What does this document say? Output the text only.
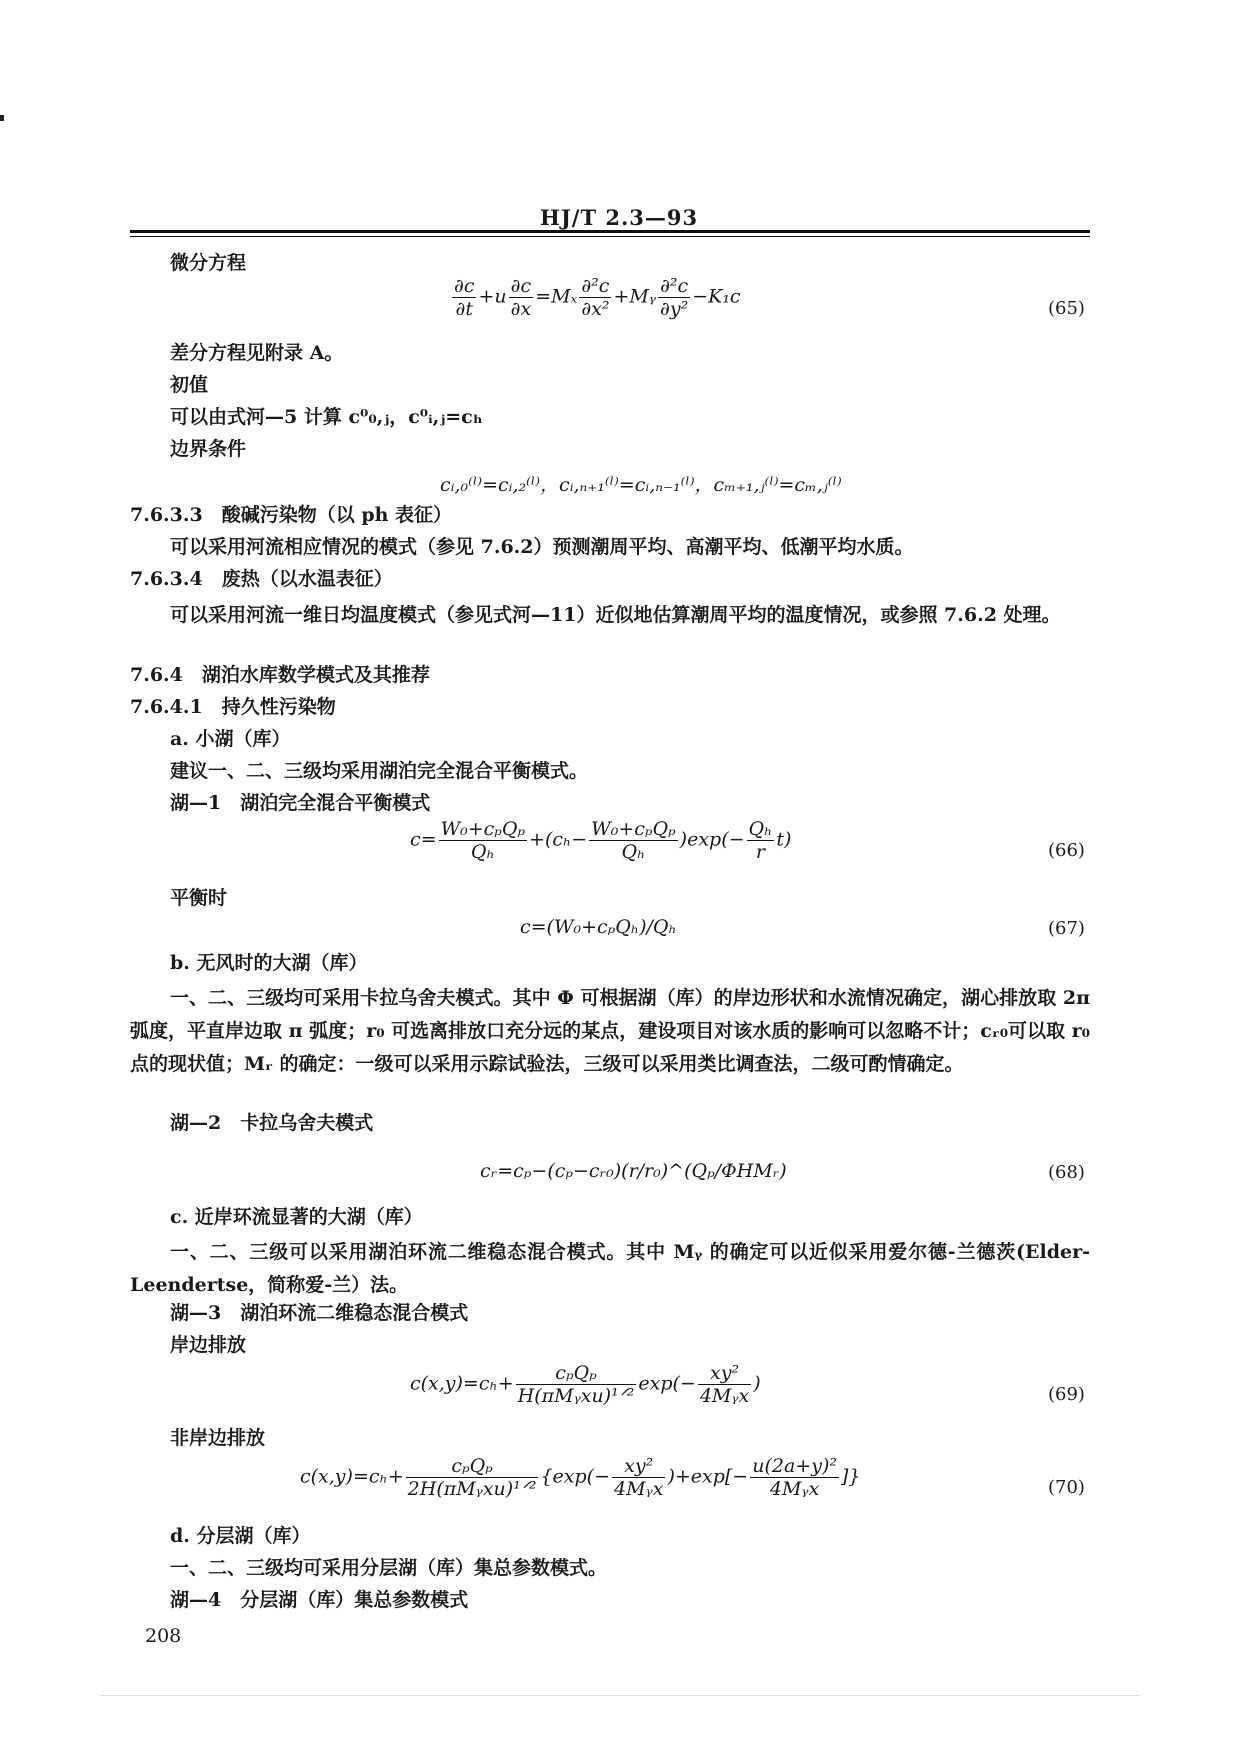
HJ/T 2.3—93
微分方程
$\frac{\partial c}{\partial t} +u \frac{\partial c}{\partial x} =M_x \frac{\text{∂²c}}{\text{∂x²}}$ +Mᵧ $\frac{\text{∂²c}}{\text{∂y²}} -K_1c$
(65)
差分方程见附录 A。
初值
可以由式河—5 计算 c⁰₀,ⱼ，c⁰ᵢ,ⱼ=cₕ
边界条件
cᵢ,₀⁽ˡ⁾=cᵢ,₂⁽ˡ⁾，cᵢ,ₙ₊₁⁽ˡ⁾=cᵢ,ₙ₋₁⁽ˡ⁾，cₘ₊₁,ⱼ⁽ˡ⁾=cₘ,ⱼ⁽ˡ⁾
7.6.3.3　酸碱污染物（以 ph 表征）
可以采用河流相应情况的模式（参见 7.6.2）预测潮周平均、高潮平均、低潮平均水质。
7.6.3.4　废热（以水温表征）
可以采用河流一维日均温度模式（参见式河—11）近似地估算潮周平均的温度情况，或参照 7.6.2 处理。
7.6.4　湖泊水库数学模式及其推荐
7.6.4.1　持久性污染物
a. 小湖（库）
建议一、二、三级均采用湖泊完全混合平衡模式。
湖—1　湖泊完全混合平衡模式
$c= \frac{\text{W₀+cₚQₚ}}{\text{Qₕ}} +(c_h- \frac{\text{W₀+cₚQₚ}}{\text{Qₕ}} )\exp(- \frac{\text{Qₕ}}{r} t)$	(66)
平衡时
c=(W₀+cₚQₕ)/Qₕ	(67)
b. 无风时的大湖（库）
一、二、三级均可采用卡拉乌舍夫模式。其中 Φ 可根据湖（库）的岸边形状和水流情况确定，湖心排放取 2π 弧度，平直岸边取 π 弧度；r₀ 可选离排放口充分远的某点，建设项目对该水质的影响可以忽略不计；cᵣ₀可以取 r₀ 点的现状值；Mᵣ 的确定：一级可以采用示踪试验法，三级可以采用类比调查法，二级可酌情确定。
湖—2　卡拉乌舍夫模式
cᵣ=cₚ−(cₚ−cᵣ₀)(r/r₀)^(Qₚ/ΦHMᵣ)	(68)
c. 近岸环流显著的大湖（库）
一、二、三级可以采用湖泊环流二维稳态混合模式。其中 Mᵧ 的确定可以近似采用爱尔德-兰德茨(Elder-Leendertse，简称爱-兰）法。
湖—3　湖泊环流二维稳态混合模式
岸边排放
$c(x,y)=c_h+ \frac{\text{cₚQₚ}}{\text{H(πMᵧxu)¹ᐟ²}} \exp(- \frac{\text{xy²}}{\text{4Mᵧx}}$ )	(69)
非岸边排放
$c(x,y)=c_h+ \frac{\text{cₚQₚ}}{\text{2H(πMᵧxu)¹ᐟ²}} \{\exp(- \frac{\text{xy²}}{\text{4Mᵧx}} )+\exp[- \frac{\text{u(2a+y)²}}{\text{4Mᵧx}}$ ]}	(70)
d. 分层湖（库）
一、二、三级均可采用分层湖（库）集总参数模式。
湖—4　分层湖（库）集总参数模式
208
